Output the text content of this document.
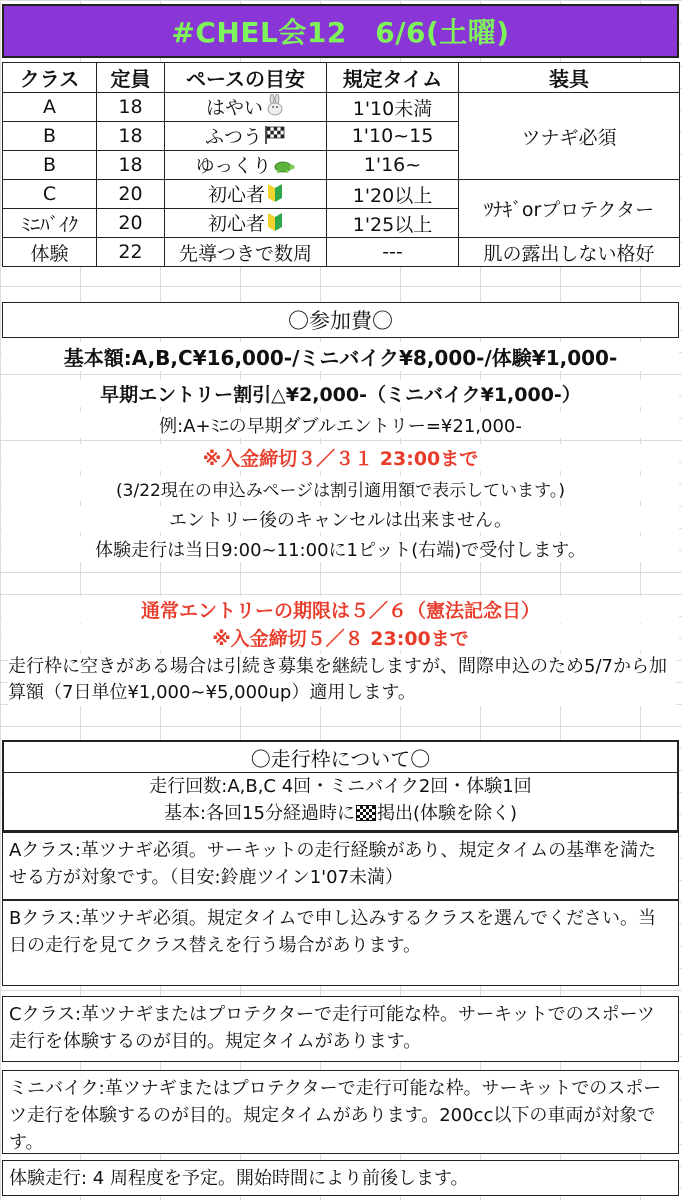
#CHEL会12　6/6(土曜)
クラス	定員	ペースの目安	規定タイム	装具
A	18	はやい	1'10未満	ツナギ必須
B	18	ふつう	1'10~15	
B	18	ゆっくり	1'16~	
C	20	初心者	1'20以上	ﾂﾅｷﾞorプロテクター
ﾐﾆﾊﾞｲｸ	20	初心者	1'25以上	
体験	22	先導つきで数周	---	肌の露出しない格好
〇参加費〇
基本額:A,B,C¥16,000-/ミニバイク¥8,000-/体験¥1,000-
早期エントリー割引△¥2,000-（ミニバイク¥1,000-）
例:A+ﾐﾆの早期ダブルエントリー=¥21,000-
※入金締切３／３１ 23:00まで
(3/22現在の申込みページは割引適用額で表示しています。)
エントリー後のキャンセルは出来ません。
体験走行は当日9:00~11:00に1ピット(右端)で受付します。
通常エントリーの期限は５／６（憲法記念日）
※入金締切５／８ 23:00まで
走行枠に空きがある場合は引続き募集を継続しますが、間際申込のため5/7から加算額（7日単位¥1,000~¥5,000up）適用します。
〇走行枠について〇
走行回数:A,B,C 4回・ミニバイク2回・体験1回
基本:各回15分経過時に 掲出(体験を除く)
Aクラス:革ツナギ必須。サーキットの走行経験があり、規定タイムの基準を満たせる方が対象です。（目安:鈴鹿ツイン1'07未満）
Bクラス:革ツナギ必須。規定タイムで申し込みするクラスを選んでください。当日の走行を見てクラス替えを行う場合があります。
Cクラス:革ツナギまたはプロテクターで走行可能な枠。サーキットでのスポーツ走行を体験するのが目的。規定タイムがあります。
ミニバイク:革ツナギまたはプロテクターで走行可能な枠。サーキットでのスポーツ走行を体験するのが目的。規定タイムがあります。200cc以下の車両が対象です。
体験走行: 4 周程度を予定。開始時間により前後します。
